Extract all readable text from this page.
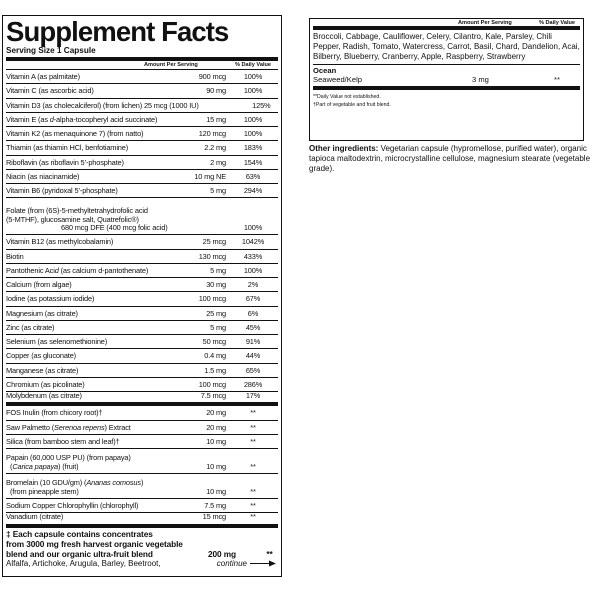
Supplement Facts
Serving Size 1 Capsule
Amount Per Serving	% Daily Value
Vitamin A (as palmitate)	900 mcg	100%
Vitamin C (as ascorbic acid)	90 mg	100%
Vitamin D3 (as cholecalciferol) (from lichen) 25 mcg (1000 IU)	125%
Vitamin E (as d-alpha-tocopheryl acid succinate)	15 mg	100%
Vitamin K2 (as menaquinone 7) (from natto)	120 mcg	100%
Thiamin (as thiamin HCl, benfotiamine)	2.2 mg	183%
Riboflavin (as riboflavin 5’-phosphate)	2 mg	154%
Niacin (as niacinamide)	10 mg NE	63%
Vitamin B6 (pyridoxal 5’-phosphate)	5 mg	294%
Folate (from (6S)-5-methyltetrahydrofolic acid
(5-MTHF), glucosamine salt, Quatrefolic®)
680 mcg DFE (400 mcg folic acid)	100%
Vitamin B12 (as methylcobalamin)	25 mcg	1042%
Biotin	130 mcg	433%
Pantothenic Acid (as calcium d-pantothenate)	5 mg	100%
Calcium (from algae)	30 mg	2%
Iodine (as potassium iodide)	100 mcg	67%
Magnesium (as citrate)	25 mg	6%
Zinc (as citrate)	5 mg	45%
Selenium (as selenomethionine)	50 mcg	91%
Copper (as gluconate)	0.4 mg	44%
Manganese (as citrate)	1.5 mg	65%
Chromium (as picolinate)	100 mcg	286%
Molybdenum (as citrate)	7.5 mcg	17%
FOS Inulin (from chicory root)†	20 mg	**
Saw Palmetto (Serenoa repens) Extract	20 mg	**
Silica (from bamboo stem and leaf)†	10 mg	**
Papain (60,000 USP PU) (from papaya)
(Carica papaya) (fruit)	10 mg	**
Bromelain (10 GDU/gm) (Ananas comosus)
(from pineapple stem)	10 mg	**
Sodium Copper Chlorophyllin (chlorophyll)	7.5 mg	**
Vanadium (citrate)	15 mcg	**
‡ Each capsule contains concentrates
from 3000 mg fresh harvest organic vegetable
blend and our organic ultra-fruit blend	200 mg	**
Alfalfa, Artichoke, Arugula, Barley, Beetroot,	continue
Amount Per Serving	% Daily Value
Broccoli, Cabbage, Cauliflower, Celery, Cilantro, Kale, Parsley, Chili Pepper, Radish, Tomato, Watercress, Carrot, Basil, Chard, Dandelion, Acai, Bilberry, Blueberry, Cranberry, Apple, Raspberry, Strawberry
Ocean
Seaweed/Kelp	3 mg	**
**Daily Value not established.
†Part of vegetable and fruit blend.
Other ingredients: Vegetarian capsule (hypromellose, purified water), organic tapioca maltodextrin, microcrystalline cellulose, magnesium stearate (vegetable grade).
